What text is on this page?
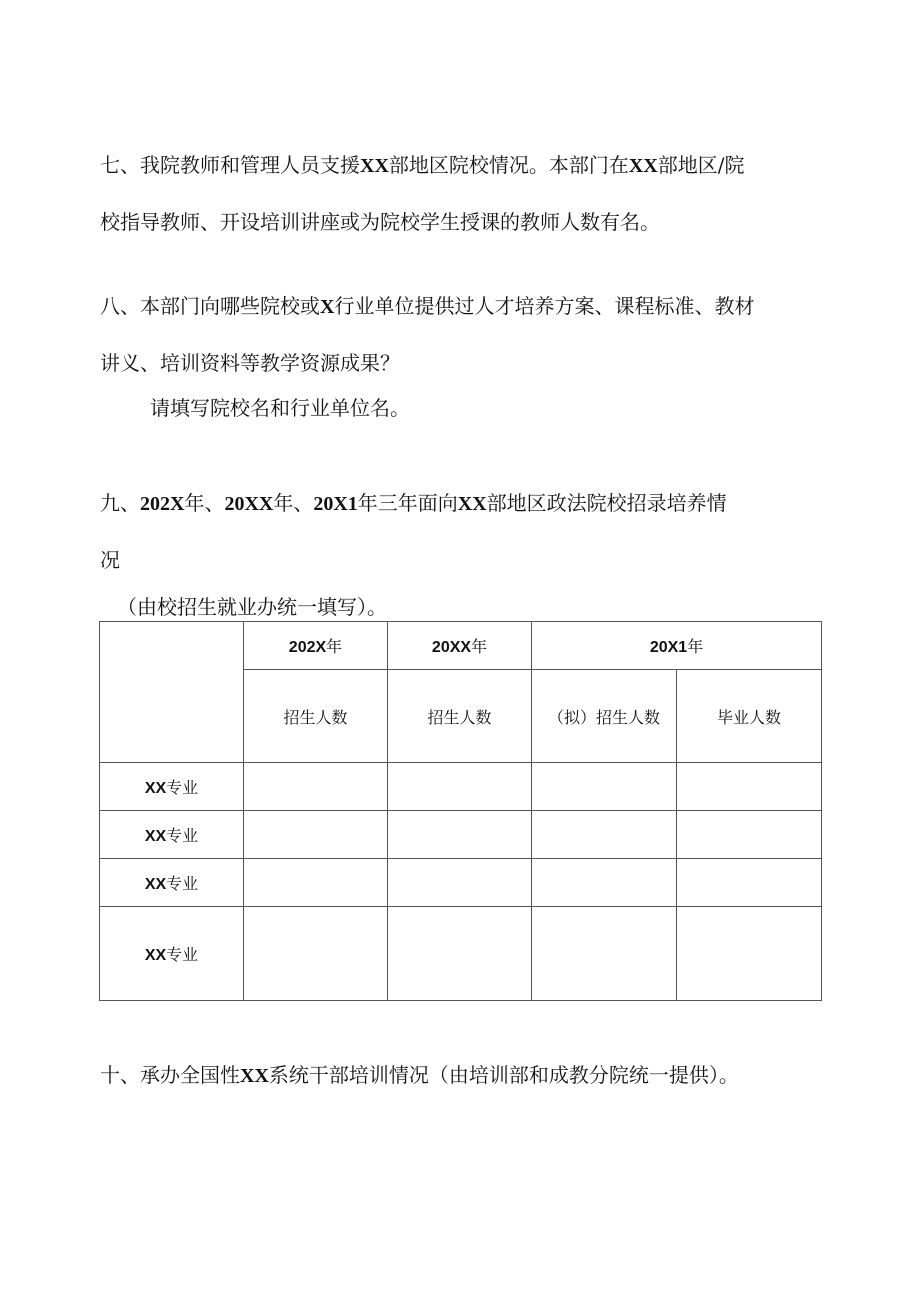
七、我院教师和管理人员支援XX部地区院校情况。本部门在XX部地区/院
校指导教师、开设培训讲座或为院校学生授课的教师人数有名。

八、本部门向哪些院校或X行业单位提供过人才培养方案、课程标准、教材
讲义、培训资料等教学资源成果？

请填写院校名和行业单位名。

九、202X年、20XX年、20X1年三年面向XX部地区政法院校招录培养情
况

（由校招生就业办统一填写）。

	202X年	20XX年	20X1年	
	招生人数	招生人数	（拟）招生人数	毕业人数
XX专业				
XX专业				
XX专业				
XX专业				

十、承办全国性XX系统干部培训情况（由培训部和成教分院统一提供）。
